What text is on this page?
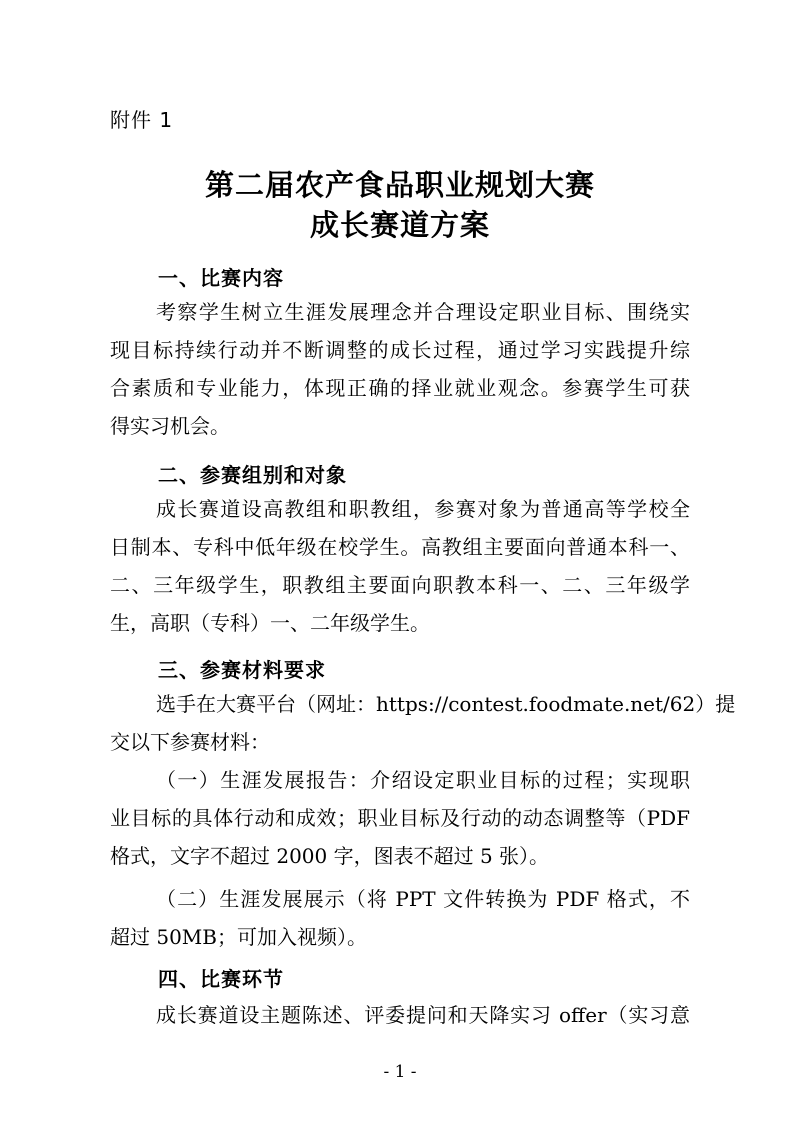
附件 1
第二届农产食品职业规划大赛
成长赛道方案
一、比赛内容
考察学生树立生涯发展理念并合理设定职业目标、围绕实
现目标持续行动并不断调整的成长过程，通过学习实践提升综
合素质和专业能力，体现正确的择业就业观念。参赛学生可获
得实习机会。
二、参赛组别和对象
成长赛道设高教组和职教组，参赛对象为普通高等学校全
日制本、专科中低年级在校学生。高教组主要面向普通本科一、
二、三年级学生，职教组主要面向职教本科一、二、三年级学
生，高职（专科）一、二年级学生。
三、参赛材料要求
选手在大赛平台（网址：https://contest.foodmate.net/62）提
交以下参赛材料：
（一）生涯发展报告：介绍设定职业目标的过程；实现职
业目标的具体行动和成效；职业目标及行动的动态调整等（PDF
格式，文字不超过 2000 字，图表不超过 5 张）。
（二）生涯发展展示（将 PPT 文件转换为 PDF 格式，不
超过 50MB；可加入视频）。
四、比赛环节
成长赛道设主题陈述、评委提问和天降实习 offer（实习意
- 1 -
